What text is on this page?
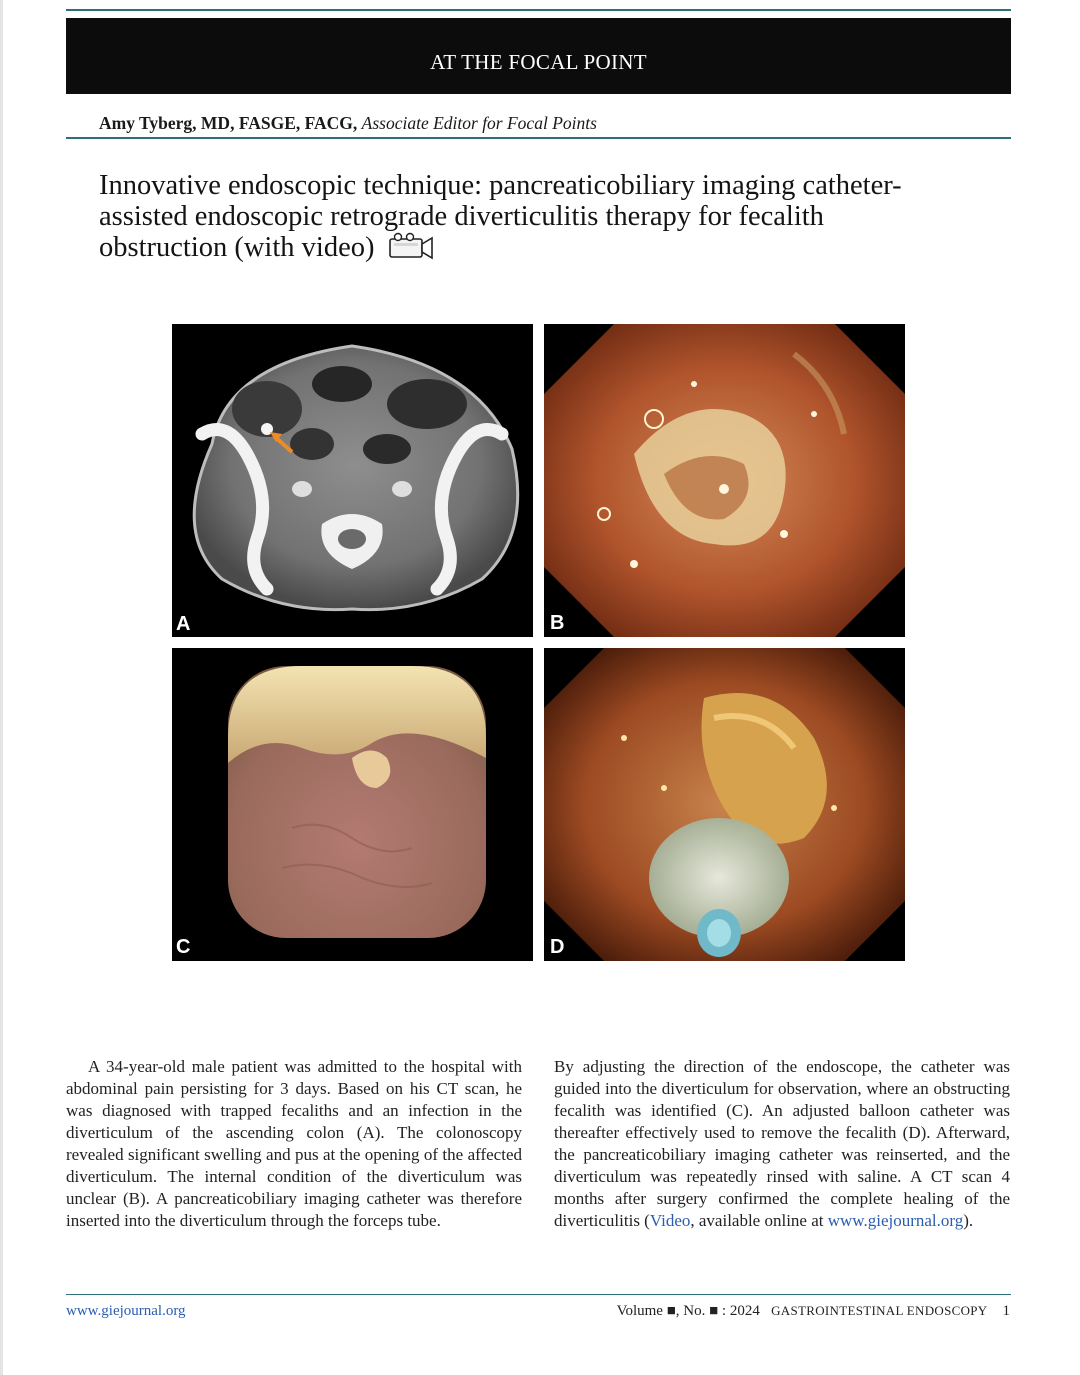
AT THE FOCAL POINT
Amy Tyberg, MD, FASGE, FACG, Associate Editor for Focal Points
Innovative endoscopic technique: pancreaticobiliary imaging catheter-assisted endoscopic retrograde diverticulitis therapy for fecalith obstruction (with video)
A	B
C	D

A 34-year-old male patient was admitted to the hospital with abdominal pain persisting for 3 days. Based on his CT scan, he was diagnosed with trapped fecaliths and an infection in the diverticulum of the ascending colon (A). The colonoscopy revealed significant swelling and pus at the opening of the affected diverticulum. The internal condition of the diverticulum was unclear (B). A pancreaticobiliary imaging catheter was therefore inserted into the diverticulum through the forceps tube.

By adjusting the direction of the endoscope, the catheter was guided into the diverticulum for observation, where an obstructing fecalith was identified (C). An adjusted balloon catheter was thereafter effectively used to remove the fecalith (D). Afterward, the pancreaticobiliary imaging catheter was reinserted, and the diverticulum was repeatedly rinsed with saline. A CT scan 4 months after surgery confirmed the complete healing of the diverticulitis (Video, available online at www.giejournal.org).

www.giejournal.org	Volume ■, No. ■ : 2024 GASTROINTESTINAL ENDOSCOPY 1
